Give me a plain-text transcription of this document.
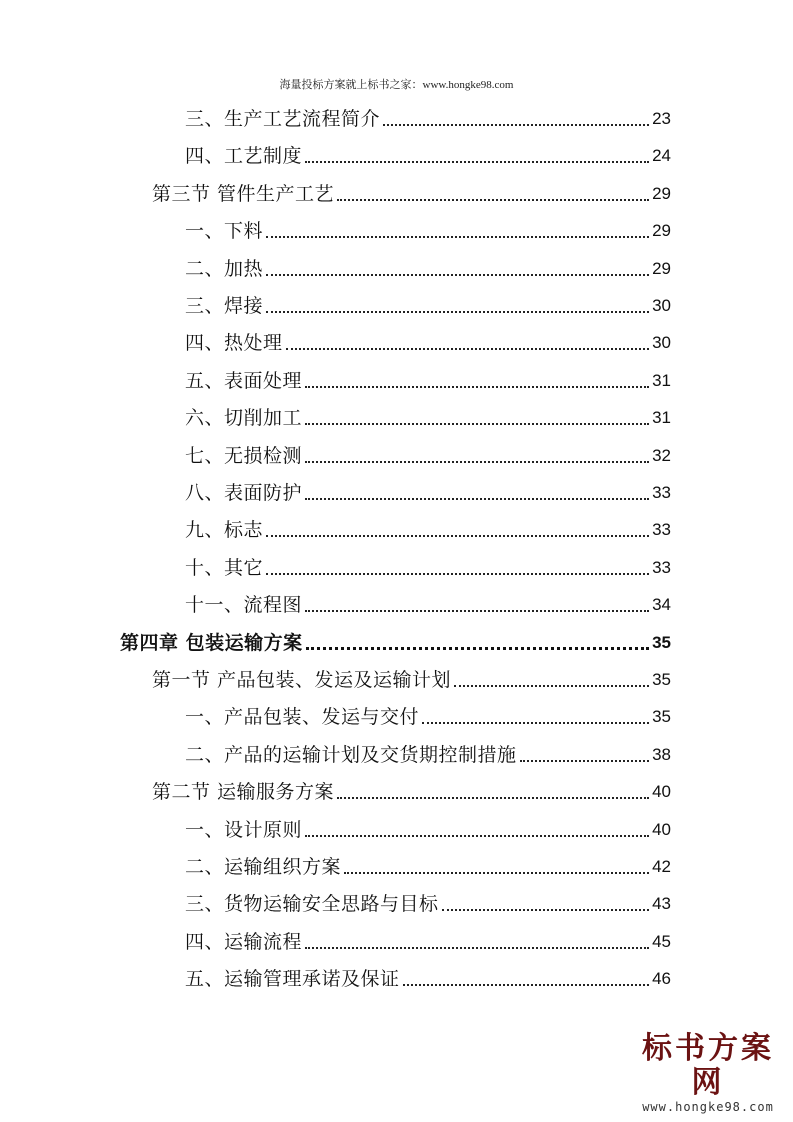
海量投标方案就上标书之家：www.hongke98.com
三、生产工艺流程简介	23
四、工艺制度	24
第三节 管件生产工艺	29
一、下料	29
二、加热	29
三、焊接	30
四、热处理	30
五、表面处理	31
六、切削加工	31
七、无损检测	32
八、表面防护	33
九、标志	33
十、其它	33
十一、流程图	34
第四章 包装运输方案	35
第一节 产品包装、发运及运输计划	35
一、产品包装、发运与交付	35
二、产品的运输计划及交货期控制措施	38
第二节 运输服务方案	40
一、设计原则	40
二、运输组织方案	42
三、货物运输安全思路与目标	43
四、运输流程	45
五、运输管理承诺及保证	46
标书方案网
www.hongke98.com
